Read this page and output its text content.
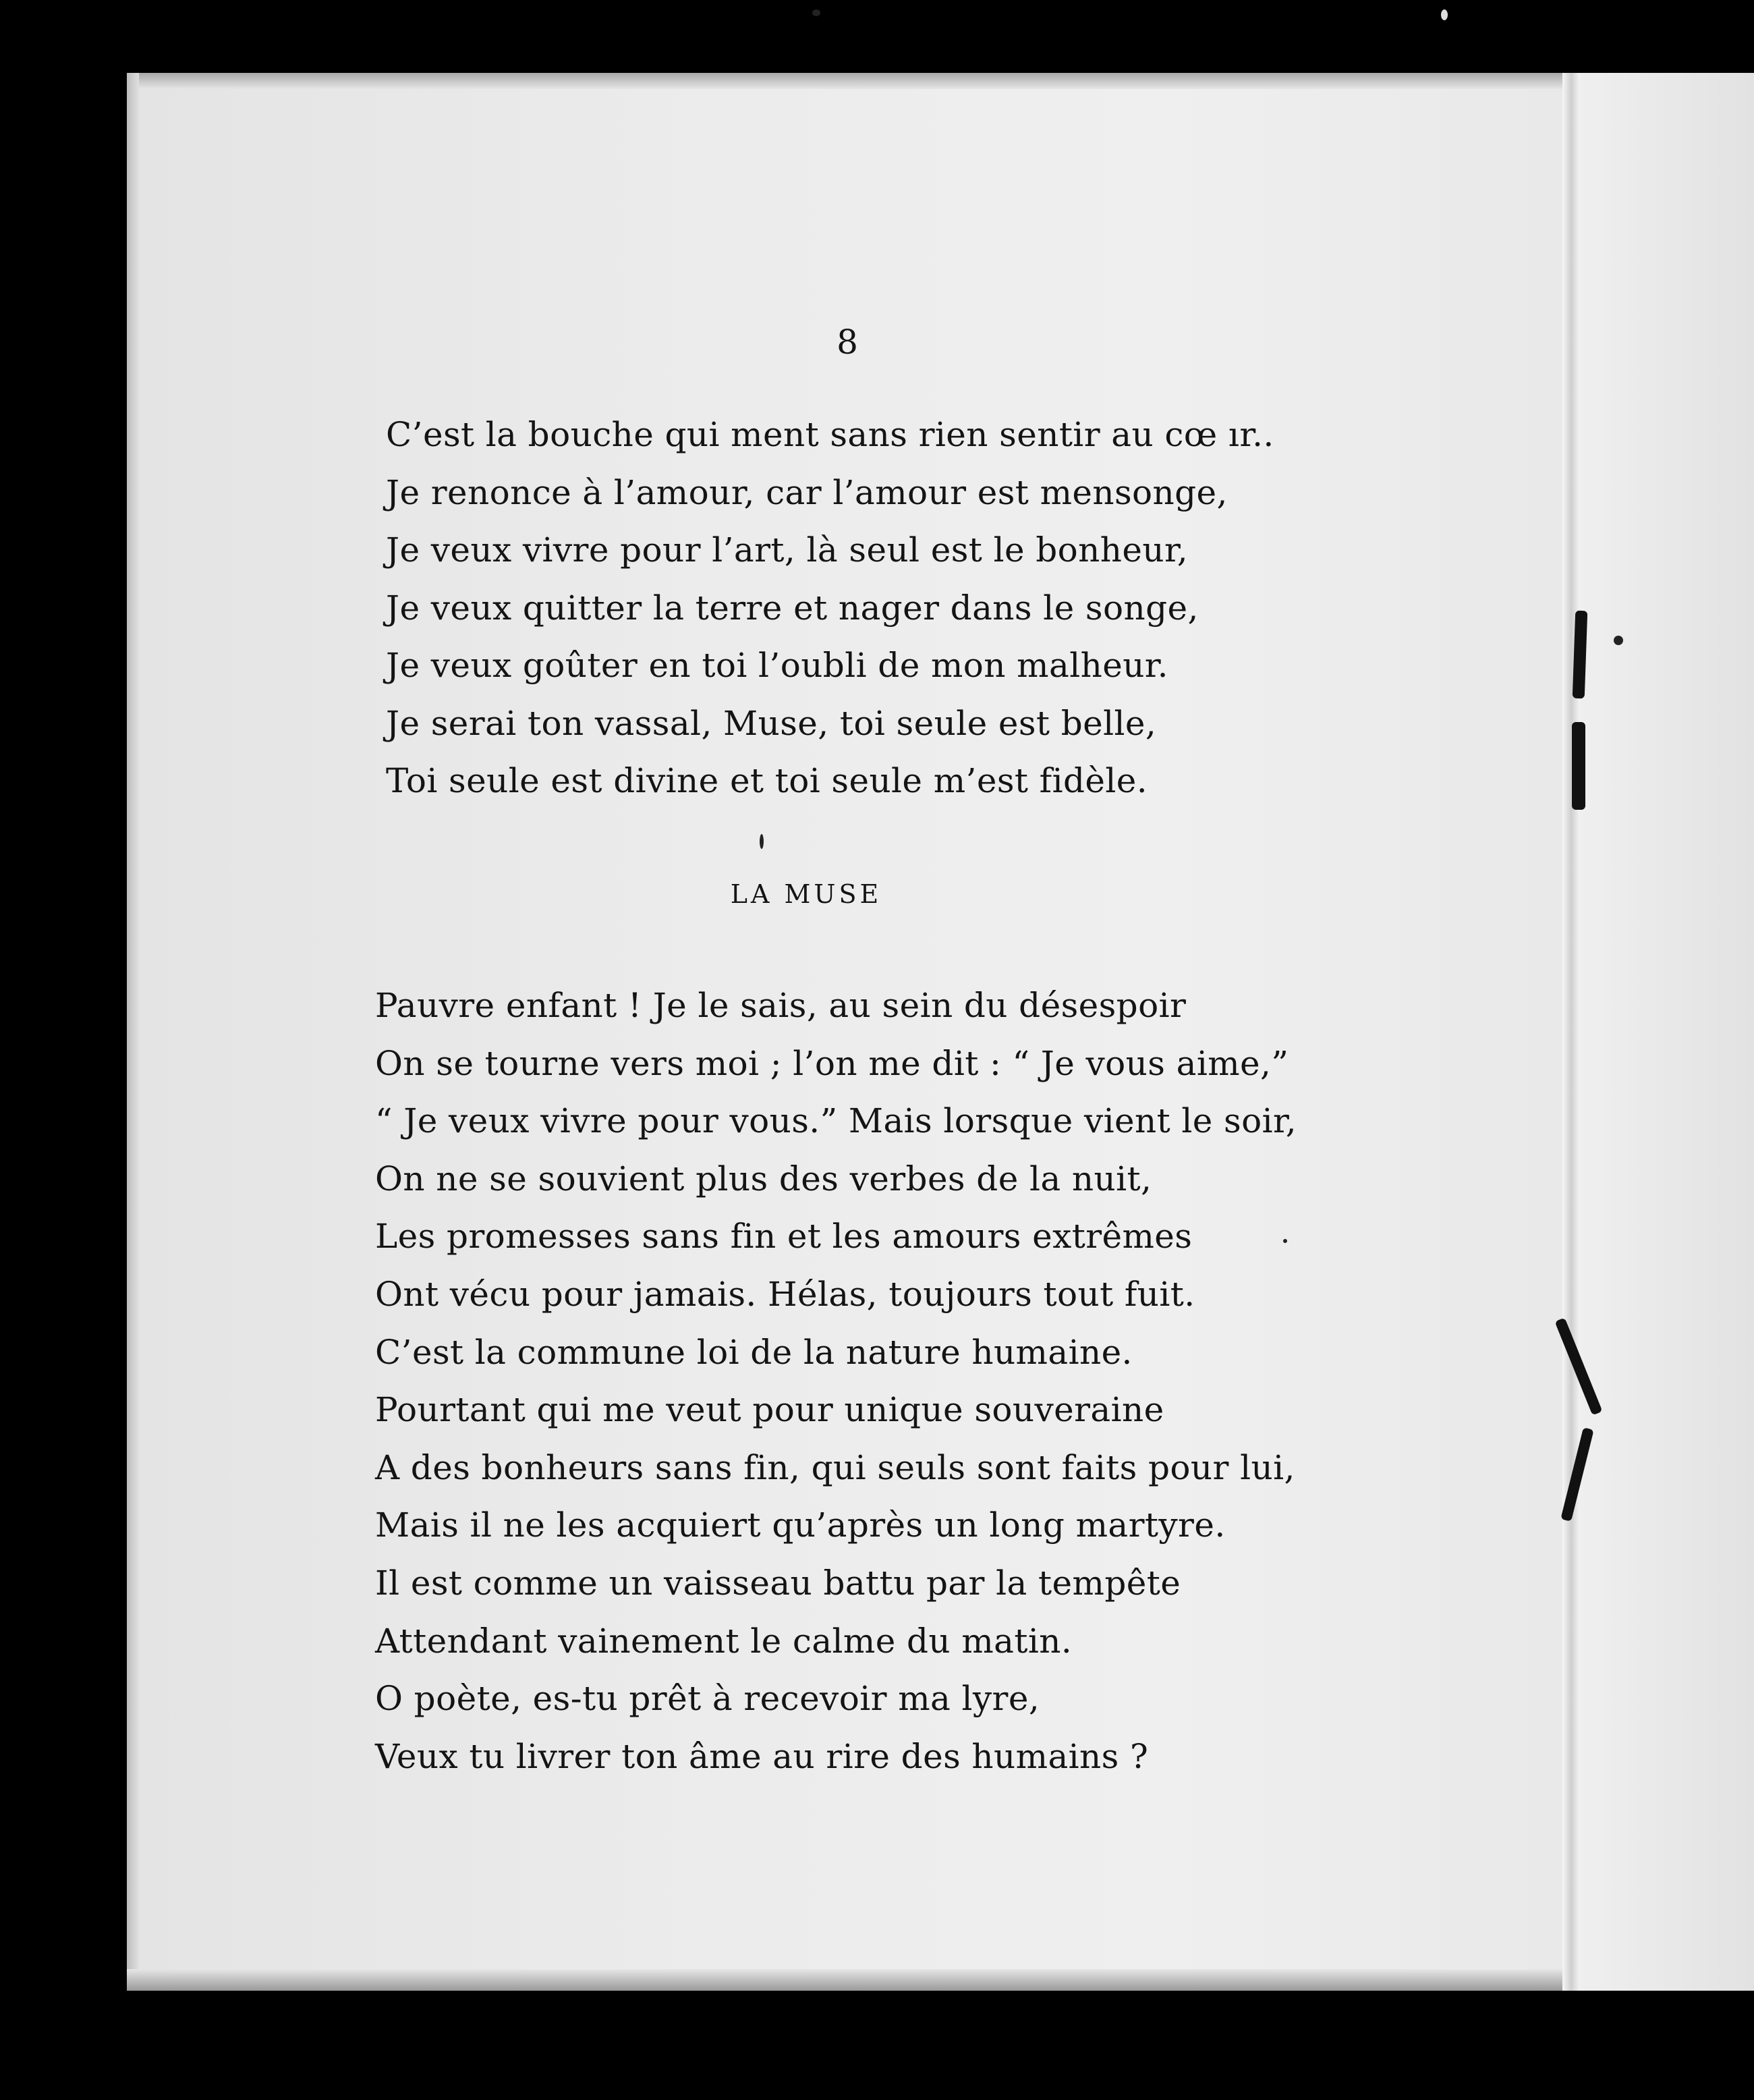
8
C’est la bouche qui ment sans rien sentir au cœ ır..
Je renonce à l’amour, car l’amour est mensonge,
Je veux vivre pour l’art, là seul est le bonheur,
Je veux quitter la terre et nager dans le songe,
Je veux goûter en toi l’oubli de mon malheur.
Je serai ton vassal, Muse, toi seule est belle,
Toi seule est divine et toi seule m’est fidèle.
LA MUSE
Pauvre enfant ! Je le sais, au sein du désespoir
On se tourne vers moi ; l’on me dit : “ Je vous aime,”
“ Je veux vivre pour vous.” Mais lorsque vient le soir,
On ne se souvient plus des verbes de la nuit,
Les promesses sans fin et les amours extrêmes
Ont vécu pour jamais. Hélas, toujours tout fuit.
C’est la commune loi de la nature humaine.
Pourtant qui me veut pour unique souveraine
A des bonheurs sans fin, qui seuls sont faits pour lui,
Mais il ne les acquiert qu’après un long martyre.
Il est comme un vaisseau battu par la tempête
Attendant vainement le calme du matin.
O poète, es-tu prêt à recevoir ma lyre,
Veux tu livrer ton âme au rire des humains ?
